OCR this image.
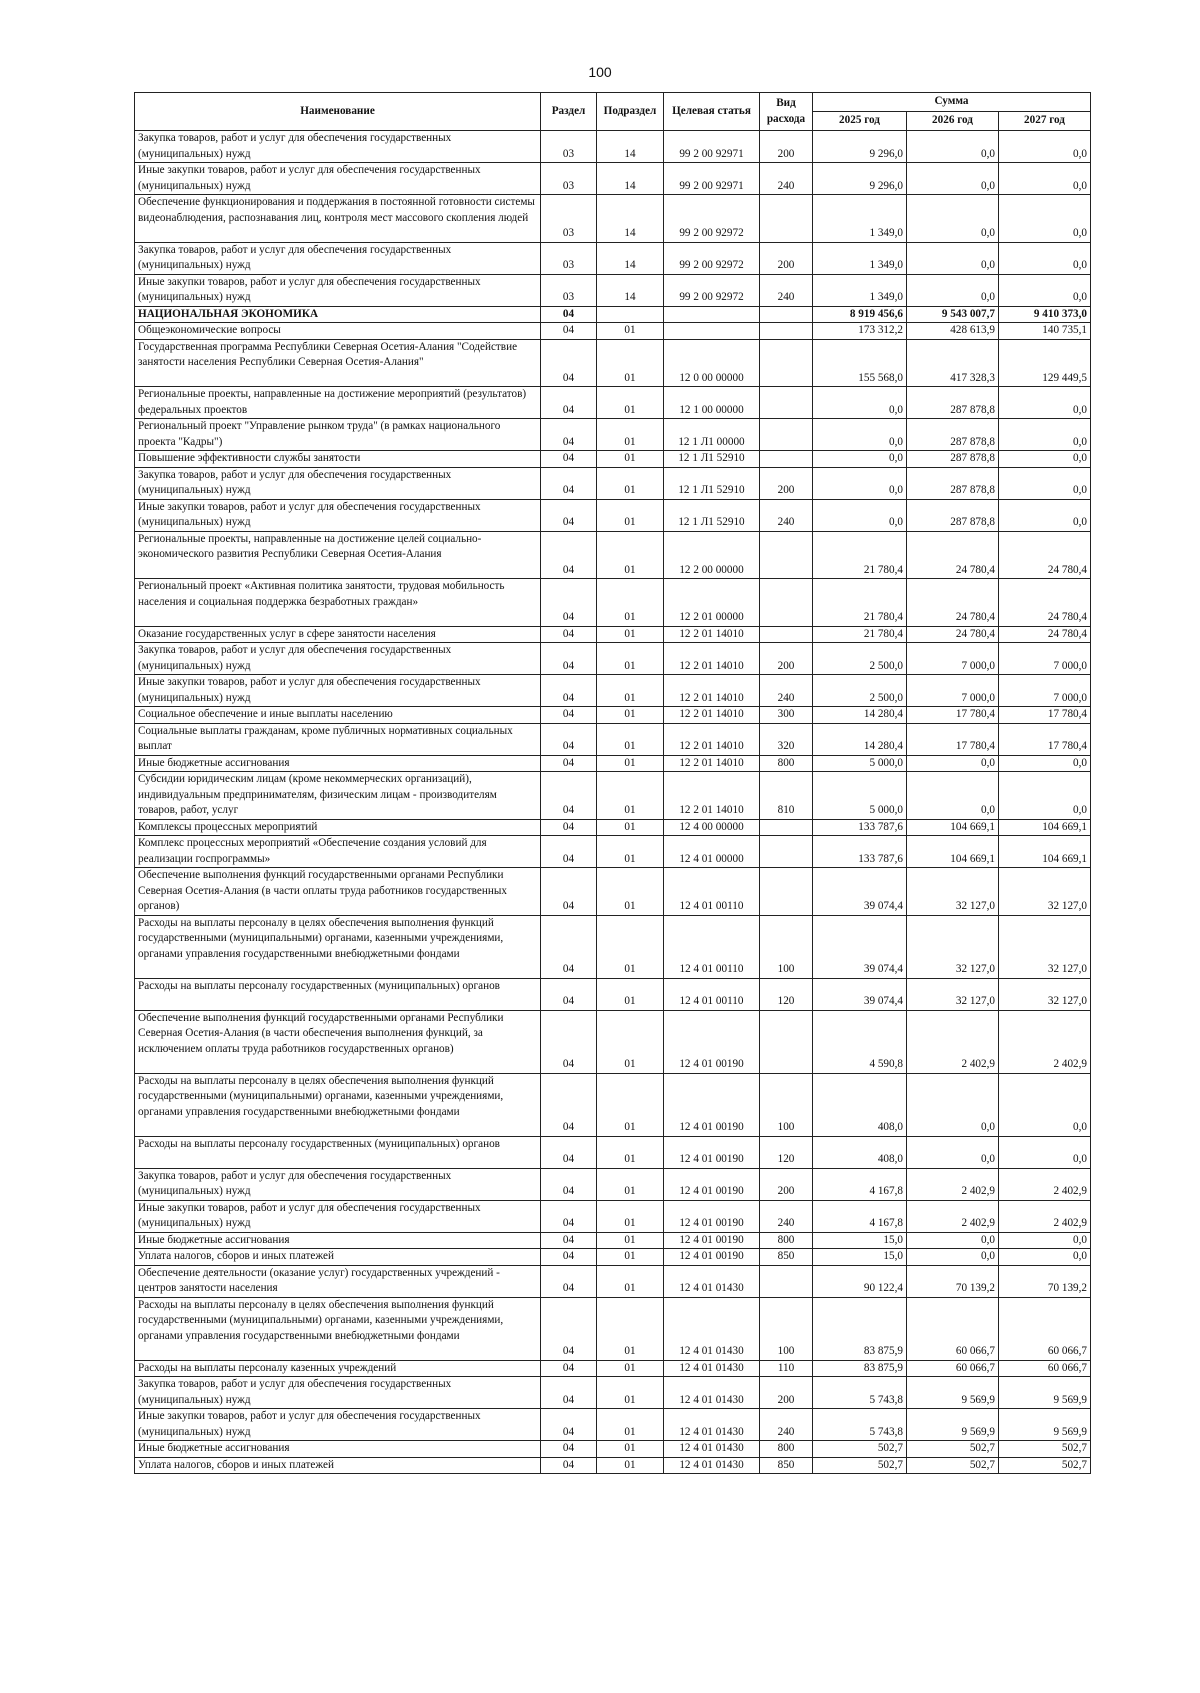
100
Наименование	Раздел	Подраздел	Целевая статья	Вид расхода	Сумма		
					2025 год	2026 год	2027 год
Закупка товаров, работ и услуг для обеспечения государственных (муниципальных) нужд	03	14	99 2 00 92971	200	9 296,0	0,0	0,0
Иные закупки товаров, работ и услуг для обеспечения государственных (муниципальных) нужд	03	14	99 2 00 92971	240	9 296,0	0,0	0,0
Обеспечение функционирования и поддержания в постоянной готовности системы видеонаблюдения, распознавания лиц, контроля мест массового скопления людей	03	14	99 2 00 92972		1 349,0	0,0	0,0
Закупка товаров, работ и услуг для обеспечения государственных (муниципальных) нужд	03	14	99 2 00 92972	200	1 349,0	0,0	0,0
Иные закупки товаров, работ и услуг для обеспечения государственных (муниципальных) нужд	03	14	99 2 00 92972	240	1 349,0	0,0	0,0
НАЦИОНАЛЬНАЯ ЭКОНОМИКА	04				8 919 456,6	9 543 007,7	9 410 373,0
Общеэкономические вопросы	04	01			173 312,2	428 613,9	140 735,1
Государственная программа Республики Северная Осетия-Алания "Содействие занятости населения Республики Северная Осетия-Алания"	04	01	12 0 00 00000		155 568,0	417 328,3	129 449,5
Региональные проекты, направленные на достижение мероприятий (результатов) федеральных проектов	04	01	12 1 00 00000		0,0	287 878,8	0,0
Региональный проект "Управление рынком труда" (в рамках национального проекта "Кадры")	04	01	12 1 Л1 00000		0,0	287 878,8	0,0
Повышение эффективности службы занятости	04	01	12 1 Л1 52910		0,0	287 878,8	0,0
Закупка товаров, работ и услуг для обеспечения государственных (муниципальных) нужд	04	01	12 1 Л1 52910	200	0,0	287 878,8	0,0
Иные закупки товаров, работ и услуг для обеспечения государственных (муниципальных) нужд	04	01	12 1 Л1 52910	240	0,0	287 878,8	0,0
Региональные проекты, направленные на достижение целей социально-экономического развития Республики Северная Осетия-Алания	04	01	12 2 00 00000		21 780,4	24 780,4	24 780,4
Региональный проект «Активная политика занятости, трудовая мобильность населения и социальная поддержка безработных граждан»	04	01	12 2 01 00000		21 780,4	24 780,4	24 780,4
Оказание государственных услуг в сфере занятости населения	04	01	12 2 01 14010		21 780,4	24 780,4	24 780,4
Закупка товаров, работ и услуг для обеспечения государственных (муниципальных) нужд	04	01	12 2 01 14010	200	2 500,0	7 000,0	7 000,0
Иные закупки товаров, работ и услуг для обеспечения государственных (муниципальных) нужд	04	01	12 2 01 14010	240	2 500,0	7 000,0	7 000,0
Социальное обеспечение и иные выплаты населению	04	01	12 2 01 14010	300	14 280,4	17 780,4	17 780,4
Социальные выплаты гражданам, кроме публичных нормативных социальных выплат	04	01	12 2 01 14010	320	14 280,4	17 780,4	17 780,4
Иные бюджетные ассигнования	04	01	12 2 01 14010	800	5 000,0	0,0	0,0
Субсидии юридическим лицам (кроме некоммерческих организаций), индивидуальным предпринимателям, физическим лицам - производителям товаров, работ, услуг	04	01	12 2 01 14010	810	5 000,0	0,0	0,0
Комплексы процессных мероприятий	04	01	12 4 00 00000		133 787,6	104 669,1	104 669,1
Комплекс процессных мероприятий «Обеспечение создания условий для реализации госпрограммы»	04	01	12 4 01 00000		133 787,6	104 669,1	104 669,1
Обеспечение выполнения функций государственными органами Республики Северная Осетия-Алания (в части оплаты труда работников государственных органов)	04	01	12 4 01 00110		39 074,4	32 127,0	32 127,0
Расходы на выплаты персоналу в целях обеспечения выполнения функций государственными (муниципальными) органами, казенными учреждениями, органами управления государственными внебюджетными фондами	04	01	12 4 01 00110	100	39 074,4	32 127,0	32 127,0
Расходы на выплаты персоналу государственных (муниципальных) органов	04	01	12 4 01 00110	120	39 074,4	32 127,0	32 127,0
Обеспечение выполнения функций государственными органами Республики Северная Осетия-Алания (в части обеспечения выполнения функций, за исключением оплаты труда работников государственных органов)	04	01	12 4 01 00190		4 590,8	2 402,9	2 402,9
Расходы на выплаты персоналу в целях обеспечения выполнения функций государственными (муниципальными) органами, казенными учреждениями, органами управления государственными внебюджетными фондами	04	01	12 4 01 00190	100	408,0	0,0	0,0
Расходы на выплаты персоналу государственных (муниципальных) органов	04	01	12 4 01 00190	120	408,0	0,0	0,0
Закупка товаров, работ и услуг для обеспечения государственных (муниципальных) нужд	04	01	12 4 01 00190	200	4 167,8	2 402,9	2 402,9
Иные закупки товаров, работ и услуг для обеспечения государственных (муниципальных) нужд	04	01	12 4 01 00190	240	4 167,8	2 402,9	2 402,9
Иные бюджетные ассигнования	04	01	12 4 01 00190	800	15,0	0,0	0,0
Уплата налогов, сборов и иных платежей	04	01	12 4 01 00190	850	15,0	0,0	0,0
Обеспечение деятельности (оказание услуг) государственных учреждений - центров занятости населения	04	01	12 4 01 01430		90 122,4	70 139,2	70 139,2
Расходы на выплаты персоналу в целях обеспечения выполнения функций государственными (муниципальными) органами, казенными учреждениями, органами управления государственными внебюджетными фондами	04	01	12 4 01 01430	100	83 875,9	60 066,7	60 066,7
Расходы на выплаты персоналу казенных учреждений	04	01	12 4 01 01430	110	83 875,9	60 066,7	60 066,7
Закупка товаров, работ и услуг для обеспечения государственных (муниципальных) нужд	04	01	12 4 01 01430	200	5 743,8	9 569,9	9 569,9
Иные закупки товаров, работ и услуг для обеспечения государственных (муниципальных) нужд	04	01	12 4 01 01430	240	5 743,8	9 569,9	9 569,9
Иные бюджетные ассигнования	04	01	12 4 01 01430	800	502,7	502,7	502,7
Уплата налогов, сборов и иных платежей	04	01	12 4 01 01430	850	502,7	502,7	502,7
